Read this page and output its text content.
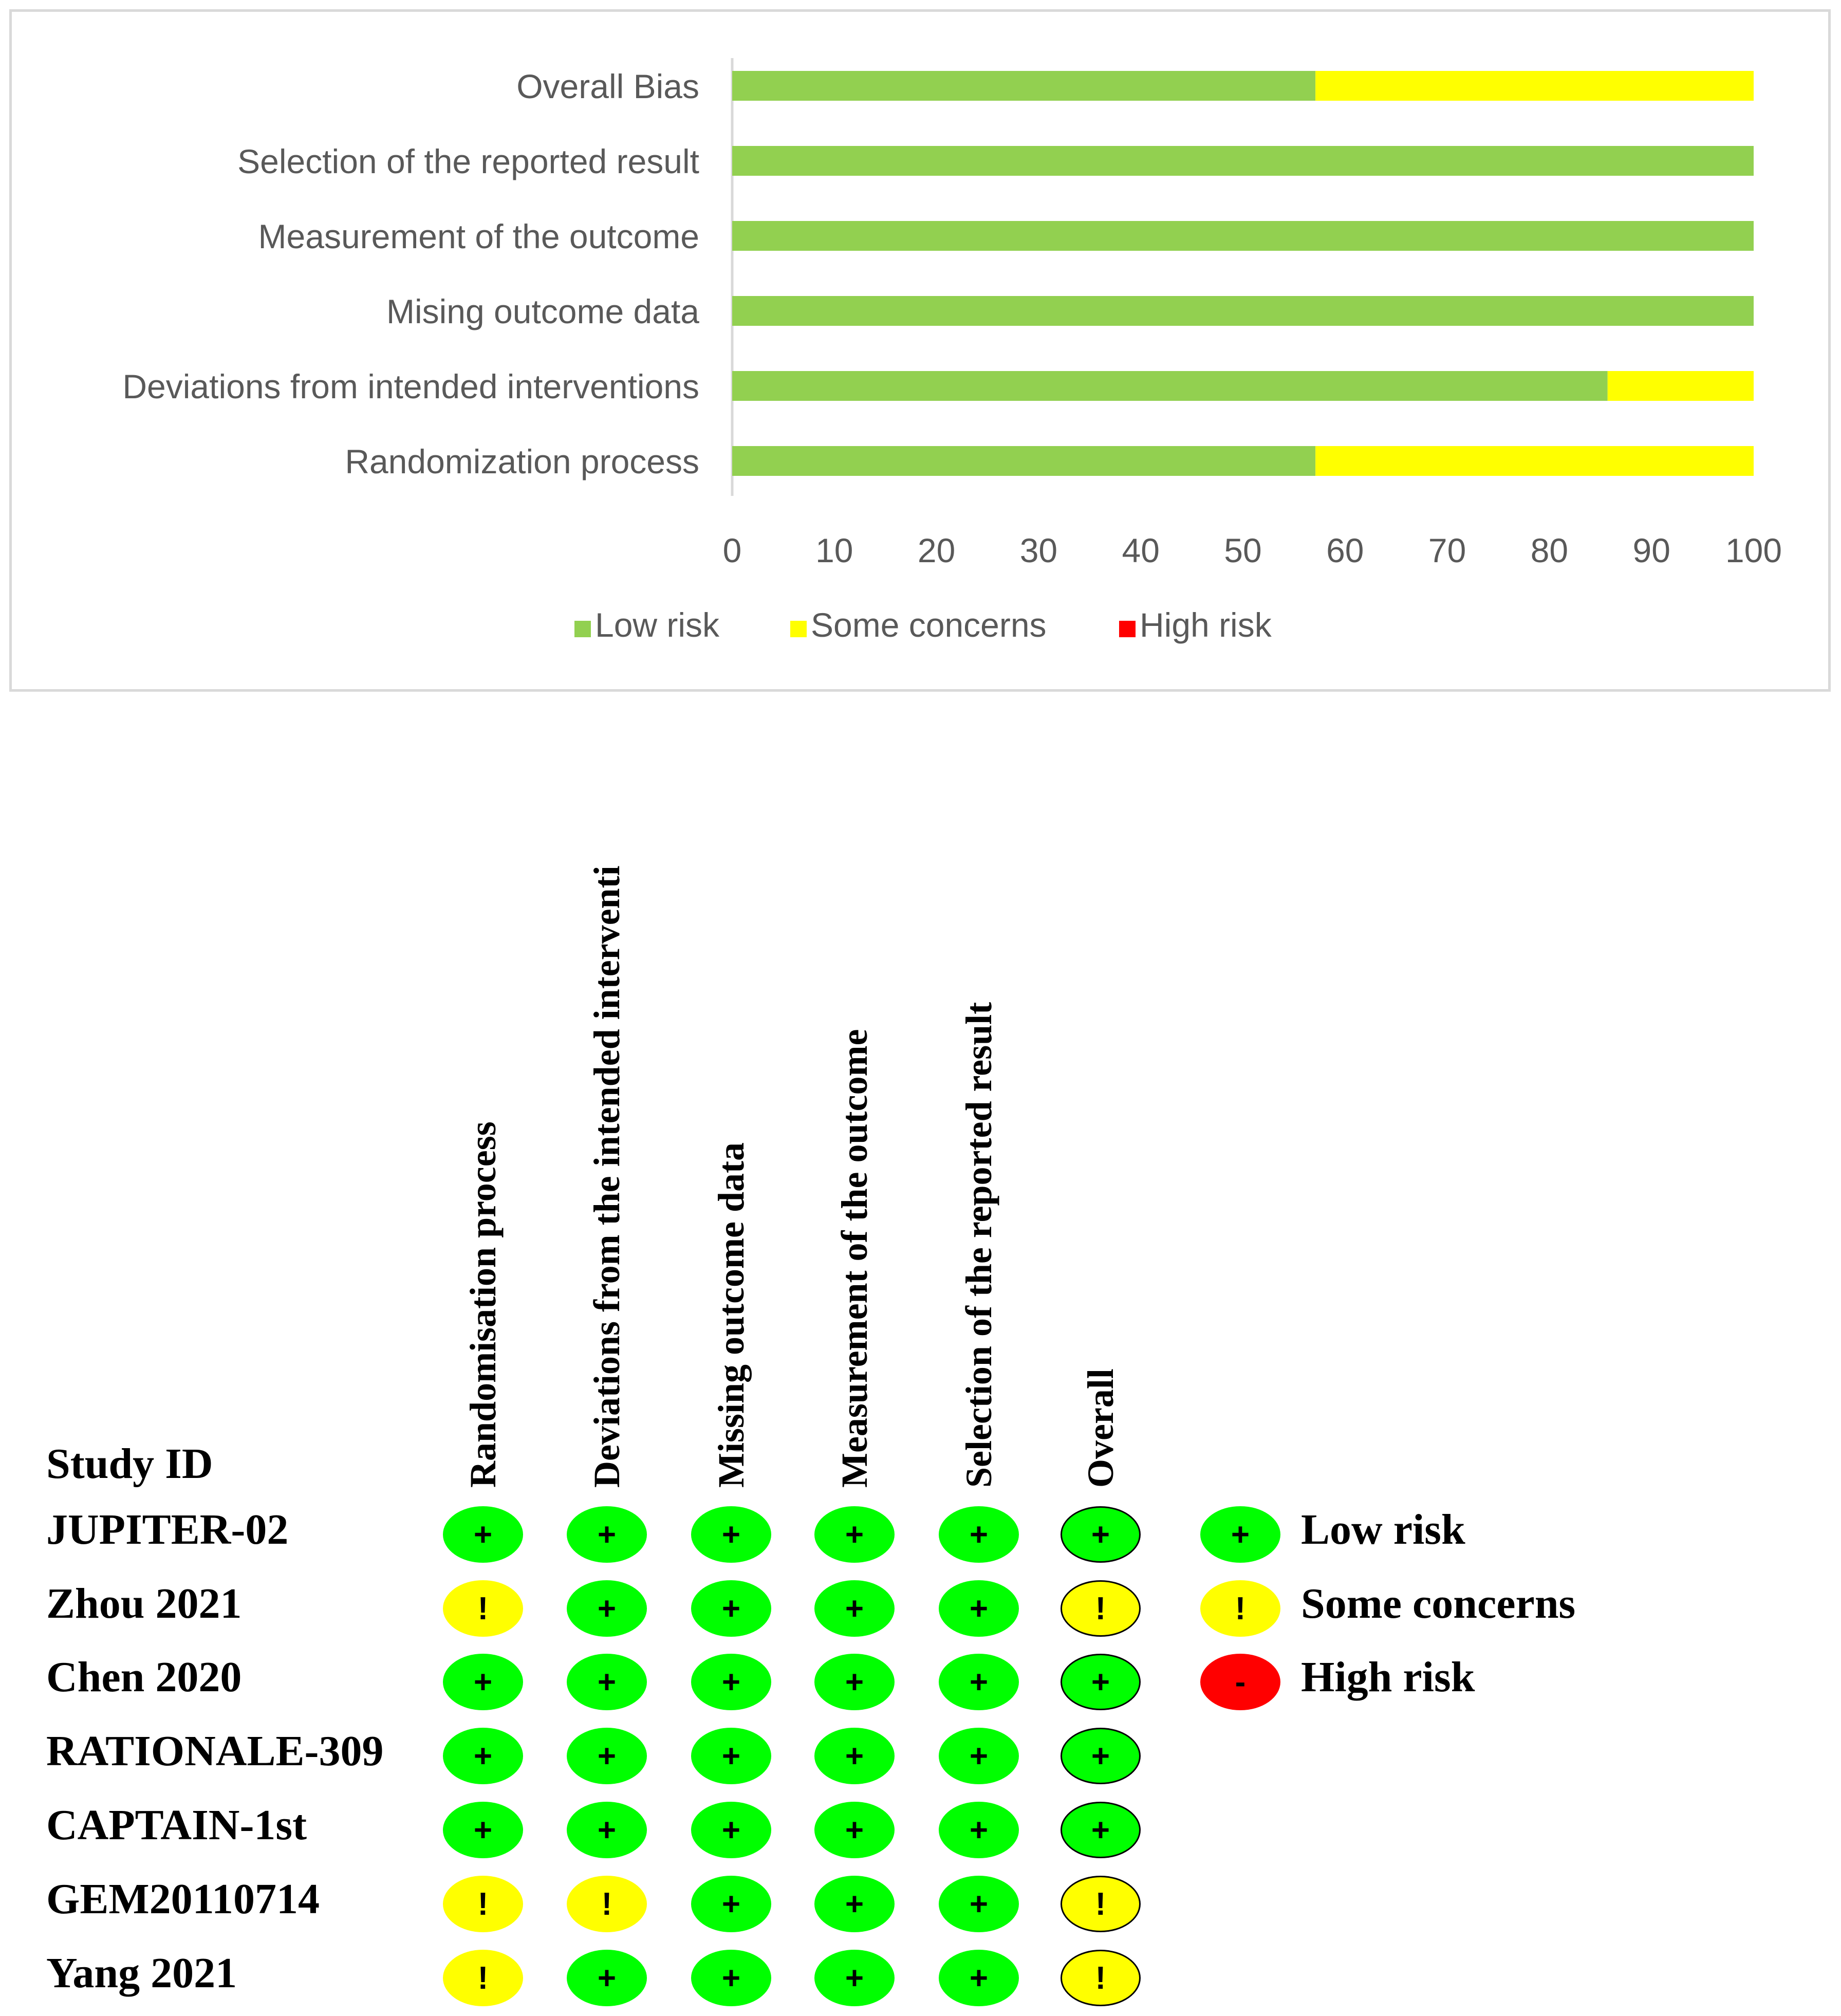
Overall Bias
Selection of the reported result
Measurement of the outcome
Mising outcome data
Deviations from intended interventions
Randomization process
0 10 20 30 40 50 60 70 80 90 100
Low risk	Some concerns	High risk
Study ID	Randomisation process Deviations from the intended interventi Missing outcome data Measurement of the outcome Selection of the reported result Overall
JUPITER-02	+	+	+	+	+	+
Zhou 2021	!	+	+	+	+	!
Chen 2020	+	+	+	+	+	+
RATIONALE-309	+	+	+	+	+	+
CAPTAIN-1st	+	+	+	+	+	+
GEM20110714	!	!	+	+	+	!
Yang 2021	!	+	+	+	+	!
+	Low risk
!	Some concerns
-	High risk
